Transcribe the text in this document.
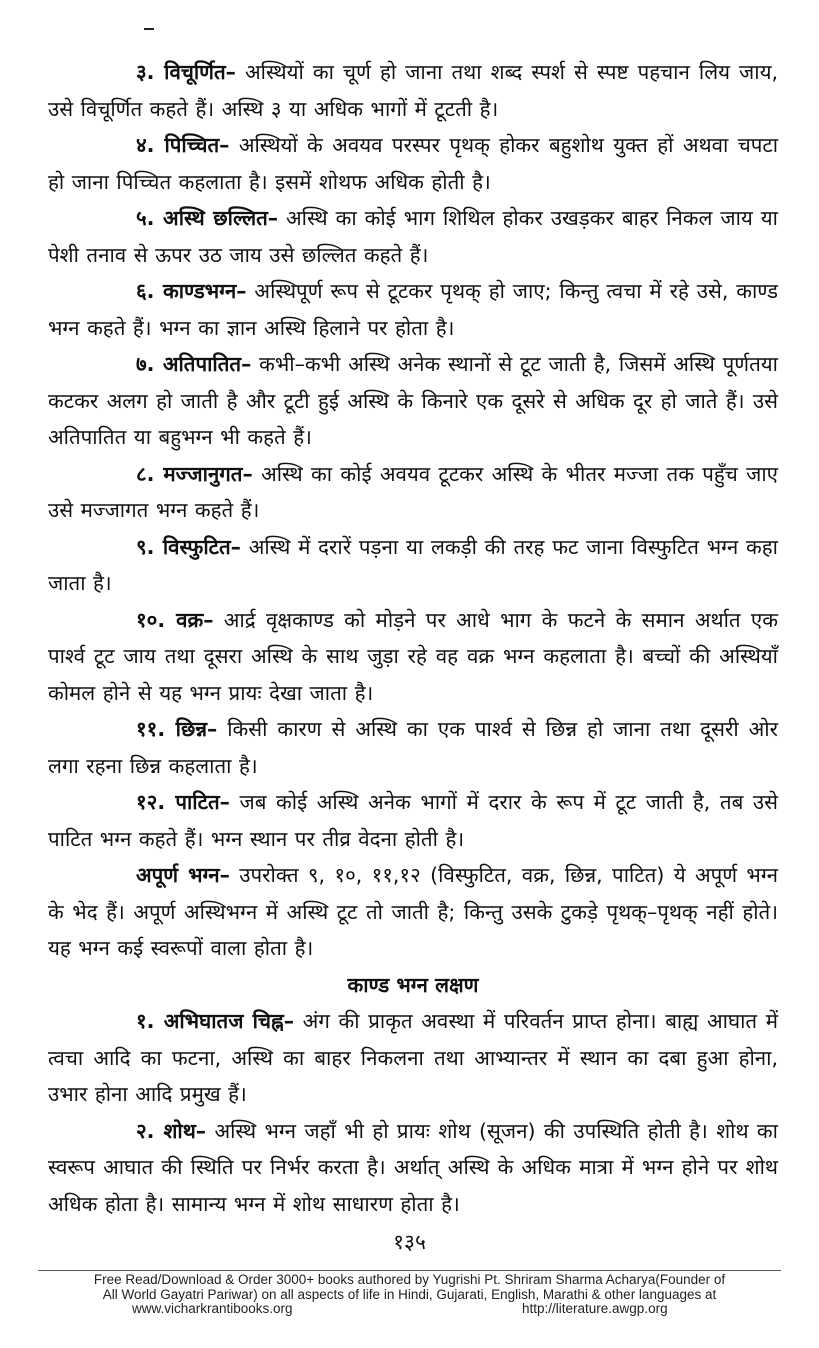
३. विचूर्णित– अस्थियों का चूर्ण हो जाना तथा शब्द स्पर्श से स्पष्ट पहचान लिय जाय, उसे विचूर्णित कहते हैं। अस्थि ३ या अधिक भागों में टूटती है।

४. पिच्चित– अस्थियों के अवयव परस्पर पृथक् होकर बहुशोथ युक्त हों अथवा चपटा हो जाना पिच्चित कहलाता है। इसमें शोथफ अधिक होती है।

५. अस्थि छल्लित– अस्थि का कोई भाग शिथिल होकर उखड़कर बाहर निकल जाय या पेशी तनाव से ऊपर उठ जाय उसे छल्लित कहते हैं।

६. काण्डभग्न– अस्थिपूर्ण रूप से टूटकर पृथक् हो जाए; किन्तु त्वचा में रहे उसे, काण्ड भग्न कहते हैं। भग्न का ज्ञान अस्थि हिलाने पर होता है।

७. अतिपातित– कभी–कभी अस्थि अनेक स्थानों से टूट जाती है, जिसमें अस्थि पूर्णतया कटकर अलग हो जाती है और टूटी हुई अस्थि के किनारे एक दूसरे से अधिक दूर हो जाते हैं। उसे अतिपातित या बहुभग्न भी कहते हैं।

८. मज्जानुगत– अस्थि का कोई अवयव टूटकर अस्थि के भीतर मज्जा तक पहुँच जाए उसे मज्जागत भग्न कहते हैं।

९. विस्फुटित– अस्थि में दरारें पड़ना या लकड़ी की तरह फट जाना विस्फुटित भग्न कहा जाता है।

१०. वक्र– आर्द्र वृक्षकाण्ड को मोड़ने पर आधे भाग के फटने के समान अर्थात एक पार्श्व टूट जाय तथा दूसरा अस्थि के साथ जुड़ा रहे वह वक्र भग्न कहलाता है। बच्चों की अस्थियाँ कोमल होने से यह भग्न प्रायः देखा जाता है।

११. छिन्न– किसी कारण से अस्थि का एक पार्श्व से छिन्न हो जाना तथा दूसरी ओर लगा रहना छिन्न कहलाता है।

१२. पाटित– जब कोई अस्थि अनेक भागों में दरार के रूप में टूट जाती है, तब उसे पाटित भग्न कहते हैं। भग्न स्थान पर तीव्र वेदना होती है।

अपूर्ण भग्न– उपरोक्त ९, १०, ११,१२ (विस्फुटित, वक्र, छिन्न, पाटित) ये अपूर्ण भग्न के भेद हैं। अपूर्ण अस्थिभग्न में अस्थि टूट तो जाती है; किन्तु उसके टुकड़े पृथक्–पृथक् नहीं होते। यह भग्न कई स्वरूपों वाला होता है।

काण्ड भग्न लक्षण

१. अभिघातज चिह्न– अंग की प्राकृत अवस्था में परिवर्तन प्राप्त होना। बाह्य आघात में त्वचा आदि का फटना, अस्थि का बाहर निकलना तथा आभ्यान्तर में स्थान का दबा हुआ होना, उभार होना आदि प्रमुख हैं।

२. शोथ– अस्थि भग्न जहाँ भी हो प्रायः शोथ (सूजन) की उपस्थिति होती है। शोथ का स्वरूप आघात की स्थिति पर निर्भर करता है। अर्थात् अस्थि के अधिक मात्रा में भग्न होने पर शोथ अधिक होता है। सामान्य भग्न में शोथ साधारण होता है।

१३५
Free Read/Download & Order 3000+ books authored by Yugrishi Pt. Shriram Sharma Acharya(Founder of
All World Gayatri Pariwar) on all aspects of life in Hindi, Gujarati, English, Marathi & other languages at
www.vicharkrantibooks.org	http://literature.awgp.org
